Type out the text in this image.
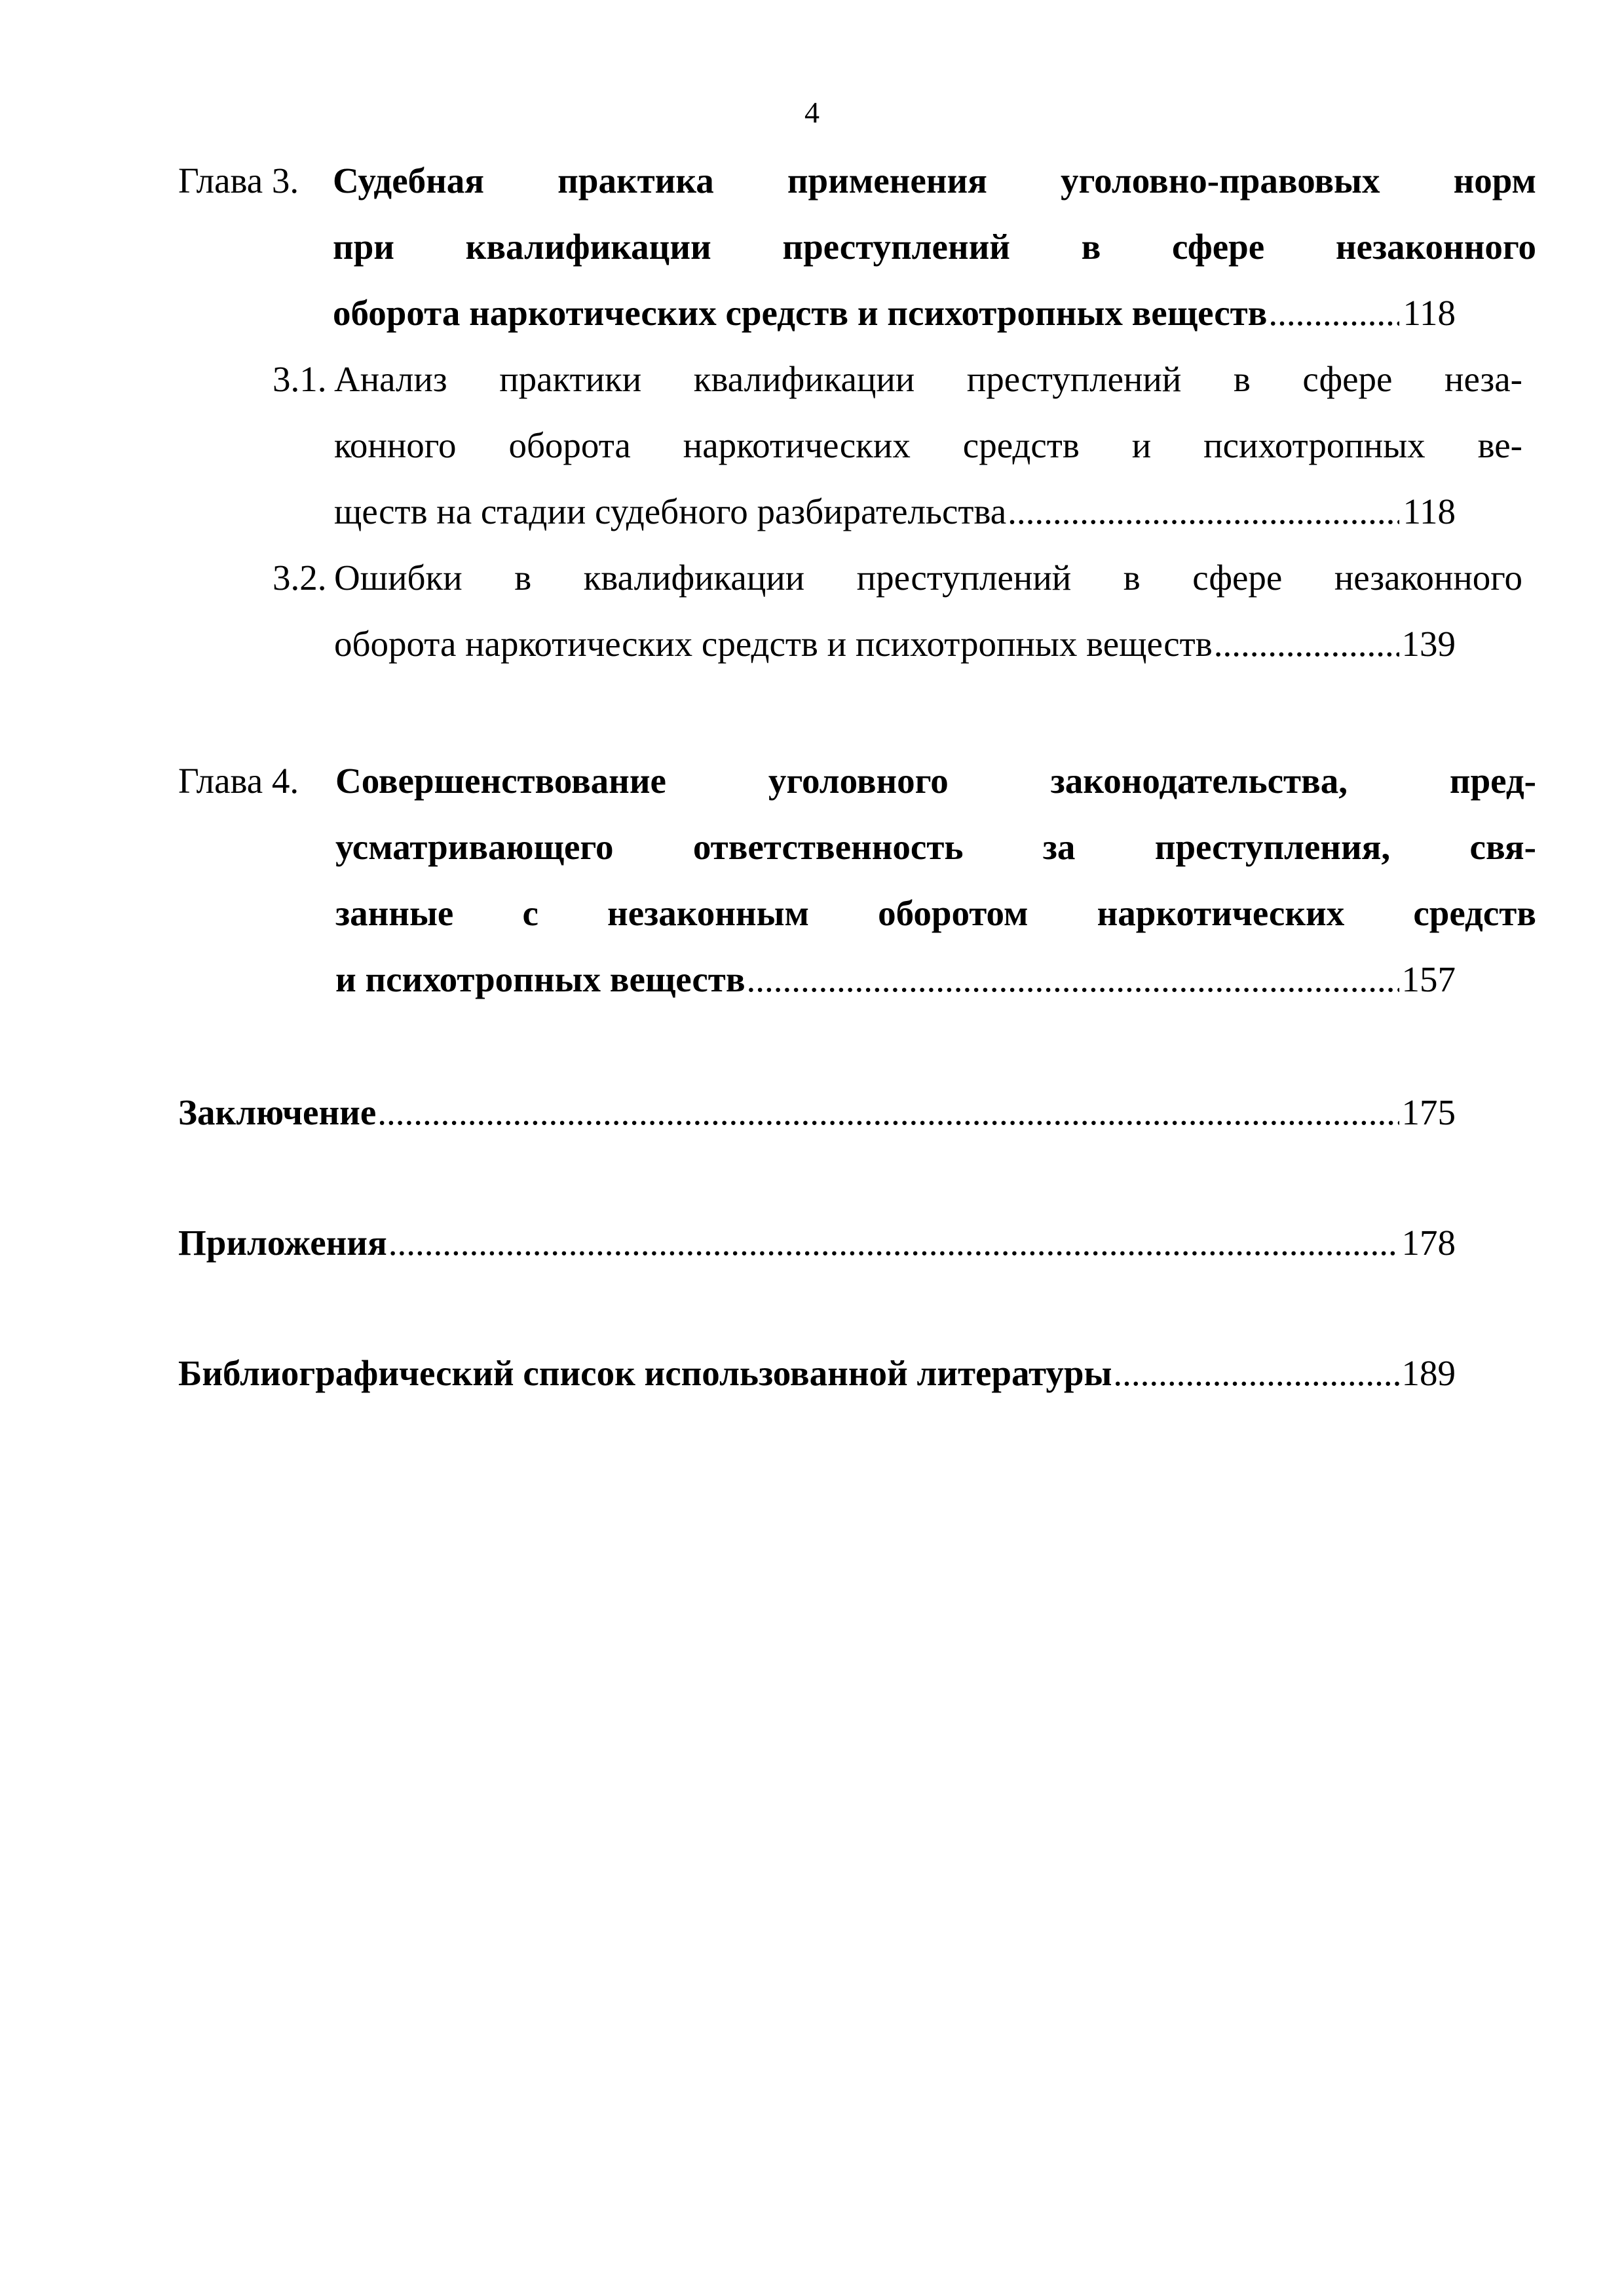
4
Глава 3. Судебная практика применения уголовно-правовых норм
при квалификации преступлений в сфере незаконного
оборота наркотических средств и психотропных веществ .....	118
3.1. Анализ практики квалификации преступлений в сфере неза-
конного оборота наркотических средств и психотропных ве-
ществ на стадии судебного разбирательства .....	118
3.2. Ошибки в квалификации преступлений в сфере незаконного
оборота наркотических средств и психотропных веществ .....	139
Глава 4. Совершенствование уголовного законодательства, пред-
усматривающего ответственность за преступления, свя-
занные с незаконным оборотом наркотических средств
и психотропных веществ .....	157
Заключение .....	175
Приложения .....	178
Библиографический список использованной литературы .....	189
